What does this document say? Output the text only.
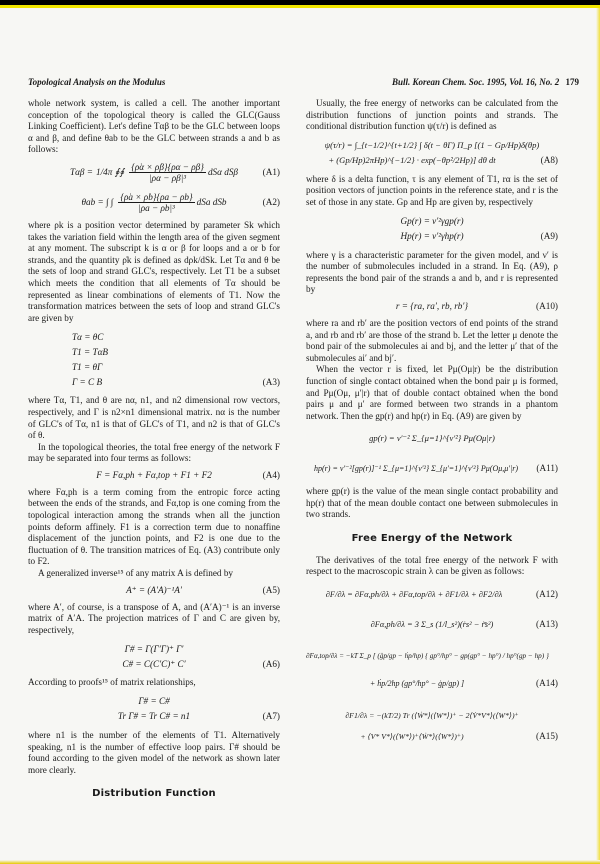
Topological Analysis on the Modulus	Bull. Korean Chem. Soc. 1995, Vol. 16, No. 2 179

whole network system, is called a cell. The another important conception of the topological theory is called the GLC(Gauss Linking Coefficient). Let's define Tαβ to be the GLC between loops α and β, and define θab to be the GLC between strands a and b as follows:

Tαβ = 1/4π ∮∮ $\frac{\{\rhȯ\alpha \times \rhȯ\beta\}\{\rho\alpha - \rho\beta\}}{\text{|ρα − ρβ|³}}$ dSα dSβ	(A1)
θab = ∫ ∫ $\frac{\{\rhȯa \times \rhȯb\}\{\rho a - \rho b\}}{\text{|ρa − ρb|³}}$ dSa dSb	(A2)

where ρk is a position vector determined by parameter Sk which takes the variation field within the length area of the given segment at any moment. The subscript k is α or β for loops and a or b for strands, and the quantity ρ̇k is defined as dρk/dSk. Let Tα and θ be the sets of loop and strand GLC's, respectively. Let T1 be a subset which meets the condition that all elements of Tα should be represented as linear combinations of elements of T1. Now the transformation matrices between the sets of loop and strand GLC's are given by

Tα = θC
T1 = TαB
T1 = θΓ
Γ = C B	(A3)

where Tα, T1, and θ are nα, n1, and n2 dimensional row vectors, respectively, and Γ is n2×n1 dimensional matrix. nα is the number of GLC's of Tα, n1 is that of GLC's of T1, and n2 is that of GLC's of θ.

In the topological theories, the total free energy of the network F may be separated into four terms as follows:

F = Fα,ph + Fα,top + F1 + F2	(A4)

where Fα,ph is a term coming from the entropic force acting between the ends of the strands, and Fα,top is one coming from the topological interaction among the strands when all the junction points deform affinely. F1 is a correction term due to nonaffine displacement of the junction points, and F2 is one due to the fluctuation of θ. The transition matrices of Eq. (A3) contribute only to F2.

A generalized inverse¹⁵ of any matrix A is defined by

A⁺ = (A′A)⁻¹A′	(A5)

where A′, of course, is a transpose of A, and (A′A)⁻¹ is an inverse matrix of A′A. The projection matrices of Γ and C are given by, respectively,

Γ# = Γ(Γ′Γ)⁺ Γ′
C# = C(C′C)⁺ C′	(A6)

According to proofs¹⁵ of matrix relationships,

Γ# = C#
Tr Γ# = Tr C# = n1	(A7)

where n1 is the number of the elements of T1. Alternatively speaking, n1 is the number of effective loop pairs. Γ# should be found according to the given model of the network as shown later more clearly.

Distribution Function

Usually, the free energy of networks can be calculated from the distribution functions of junction points and strands. The conditional distribution function ψ(τ/r) is defined as

ψ(τ/r) = ∫_{t−1/2}^{t+1/2} ∫ δ(t − θΓ) Π_p [(1 − Gp/Hp)δ(θp)
+ (Gp/Hp)2πHp)^{−1/2} · exp(−θp²/2Hp)] dθ dt	(A8)

where δ is a delta function, τ is any element of T1, rα is the set of position vectors of junction points in the reference state, and r is the set of those in any state. Gp and Hp are given by, respectively

Gp(r) = ν′²γgp(r)
Hp(r) = ν′²γhp(r)	(A9)

where γ is a characteristic parameter for the given model, and ν′ is the number of submolecules included in a strand. In Eq. (A9), ρ represents the bond pair of the strands a and b, and r is represented by

r = {ra, ra′, rb, rb′}	(A10)

where ra and rb′ are the position vectors of end points of the strand a, and rb and rb′ are those of the strand b. Let the letter μ denote the bond pair of the submolecules ai and bj, and the letter μ′ that of the submolecules ai′ and bj′.

When the vector r is fixed, let Pμ(Oμ|r) be the distribution function of single contact obtained when the bond pair μ is formed, and Pμ(Oμ, μ′|r) that of double contact obtained when the bond pairs μ and μ′ are formed between two strands in a phantom network. Then the gp(r) and hp(r) in Eq. (A9) are given by

gp(r) = ν′⁻² Σ_{μ=1}^{ν′²} Pμ(Oμ|r)
hp(r) = ν′⁻²[gp(r)]⁻¹ Σ_{μ=1}^{ν′²} Σ_{μ′=1}^{ν′²} Pμ(Oμ,μ′|r) (A11)

where gp(r) is the value of the mean single contact probability and hp(r) that of the mean double contact one between submolecules in two strands.

Free Energy of the Network

The derivatives of the total free energy of the network F with respect to the macroscopic strain λ can be given as follows:

∂F/∂λ = ∂Fα,ph/∂λ + ∂Fα,top/∂λ + ∂F1/∂λ + ∂F2/∂λ	(A12)
∂Fα,ph/∂λ = 3 Σ_s (1/l_s²)(ṙs² − ṙ̄s²)	(A13)
∂Fα,top/∂λ = −kT Σ_p [ (g̈p/gp − ḣp/hp) { gp°/hp° − gp(gp° − hp°) / hp°(gp − hp) }
+ ḣp/2hp (gp°/hp° − ġp/gp) ]	(A14)
∂F1/∂λ = −(kT/2) Tr (⟨Ẇ*⟩(⟨W*⟩)⁺ − 2⟨V̇*V*⟩(⟨W*⟩)⁺
+ ⟨V* V*⟩(⟨W*⟩)⁺⟨Ẇ*⟩(⟨W*⟩)⁺)	(A15)
